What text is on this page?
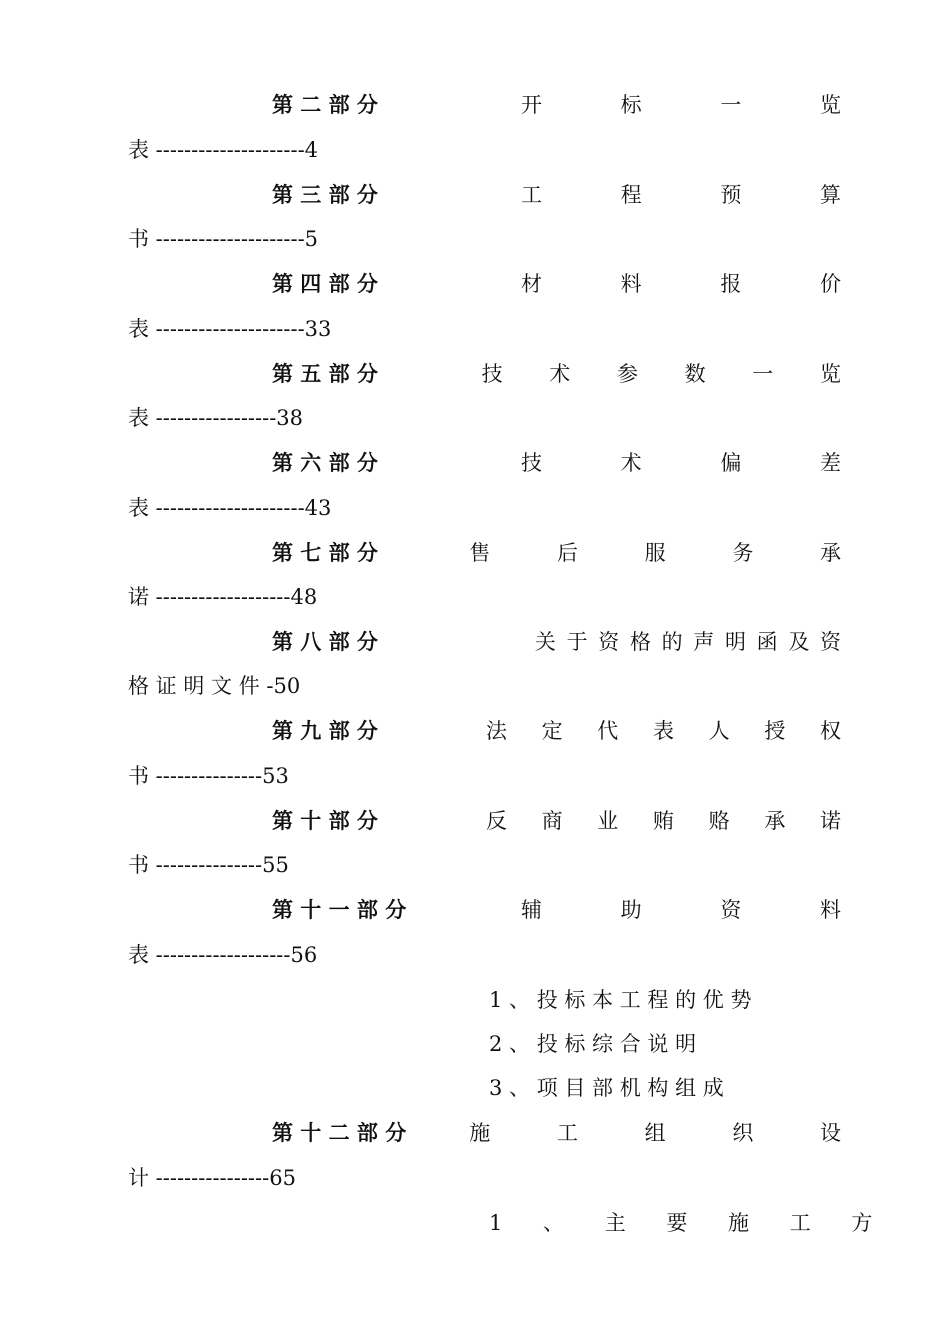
第 二 部 分	开 标 一 览
表 ---------------------4
第 三 部 分	工 程 预 算
书 ---------------------5
第 四 部 分	材 料 报 价
表 ---------------------33
第 五 部 分	技 术 参 数 一 览
表 -----------------38
第 六 部 分	技 术 偏 差
表 ---------------------43
第 七 部 分	售 后 服 务 承
诺 -------------------48
第 八 部 分	关 于 资 格 的 声 明 函 及 资
格 证 明 文 件 -50
第 九 部 分	法 定 代 表 人 授 权
书 ---------------53
第 十 部 分	反 商 业 贿 赂 承 诺
书 ---------------55
第 十 一 部 分	辅 助 资 料
表 -------------------56
1 、 投 标 本 工 程 的 优 势
2 、 投 标 综 合 说 明
3 、 项 目 部 机 构 组 成
第 十 二 部 分	施 工 组 织 设
计 ----------------65
1 、 主 要 施 工 方
